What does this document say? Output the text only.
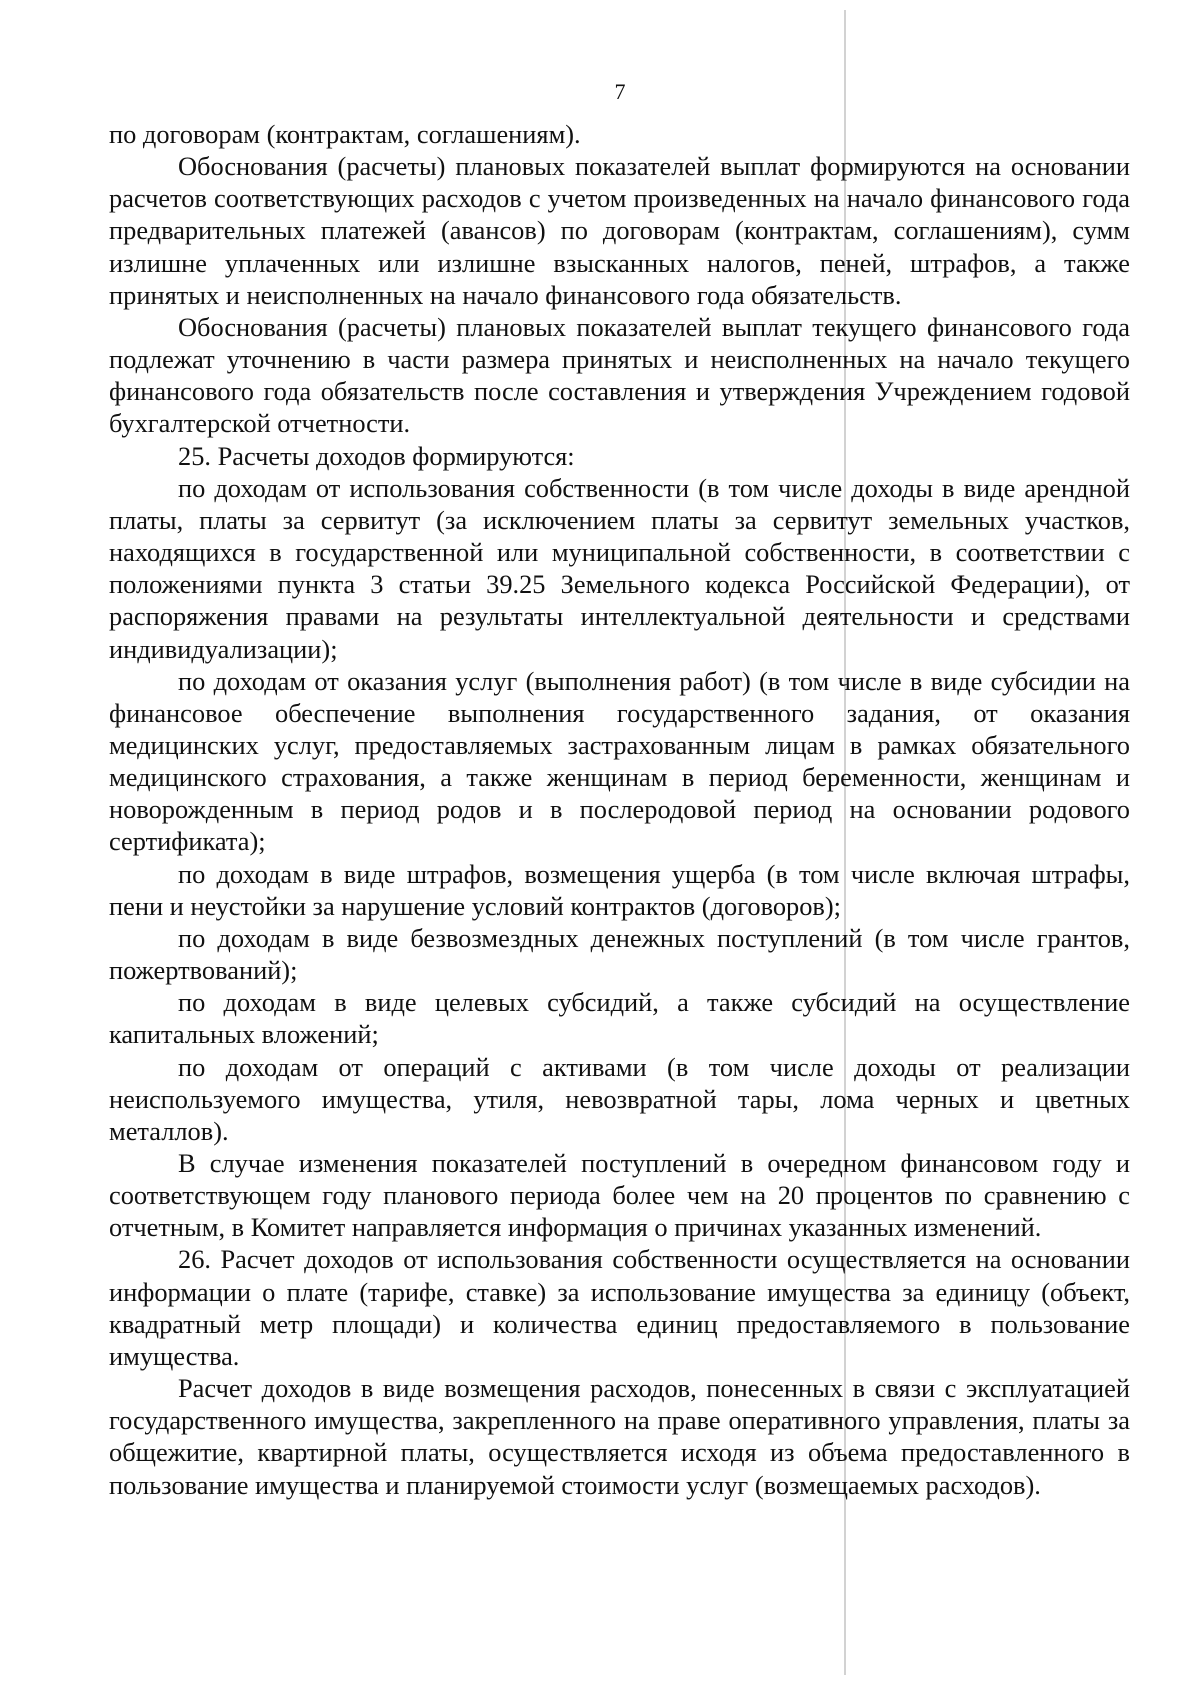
7

по договорам (контрактам, соглашениям).

Обоснования (расчеты) плановых показателей выплат формируются на основании расчетов соответствующих расходов с учетом произведенных на начало финансового года предварительных платежей (авансов) по договорам (контрактам, соглашениям), сумм излишне уплаченных или излишне взысканных налогов, пеней, штрафов, а также принятых и неисполненных на начало финансового года обязательств.

Обоснования (расчеты) плановых показателей выплат текущего финансового года подлежат уточнению в части размера принятых и неисполненных на начало текущего финансового года обязательств после составления и утверждения Учреждением годовой бухгалтерской отчетности.

25. Расчеты доходов формируются:

по доходам от использования собственности (в том числе доходы в виде арендной платы, платы за сервитут (за исключением платы за сервитут земельных участков, находящихся в государственной или муниципальной собственности, в соответствии с положениями пункта 3 статьи 39.25 Земельного кодекса Российской Федерации), от распоряжения правами на результаты интеллектуальной деятельности и средствами индивидуализации);

по доходам от оказания услуг (выполнения работ) (в том числе в виде субсидии на финансовое обеспечение выполнения государственного задания, от оказания медицинских услуг, предоставляемых застрахованным лицам в рамках обязательного медицинского страхования, а также женщинам в период беременности, женщинам и новорожденным в период родов и в послеродовой период на основании родового сертификата);

по доходам в виде штрафов, возмещения ущерба (в том числе включая штрафы, пени и неустойки за нарушение условий контрактов (договоров);

по доходам в виде безвозмездных денежных поступлений (в том числе грантов, пожертвований);

по доходам в виде целевых субсидий, а также субсидий на осуществление капитальных вложений;

по доходам от операций с активами (в том числе доходы от реализации неиспользуемого имущества, утиля, невозвратной тары, лома черных и цветных металлов).

В случае изменения показателей поступлений в очередном финансовом году и соответствующем году планового периода более чем на 20 процентов по сравнению с отчетным, в Комитет направляется информация о причинах указанных изменений.

26. Расчет доходов от использования собственности осуществляется на основании информации о плате (тарифе, ставке) за использование имущества за единицу (объект, квадратный метр площади) и количества единиц предоставляемого в пользование имущества.

Расчет доходов в виде возмещения расходов, понесенных в связи с эксплуатацией государственного имущества, закрепленного на праве оперативного управления, платы за общежитие, квартирной платы, осуществляется исходя из объема предоставленного в пользование имущества и планируемой стоимости услуг (возмещаемых расходов).
